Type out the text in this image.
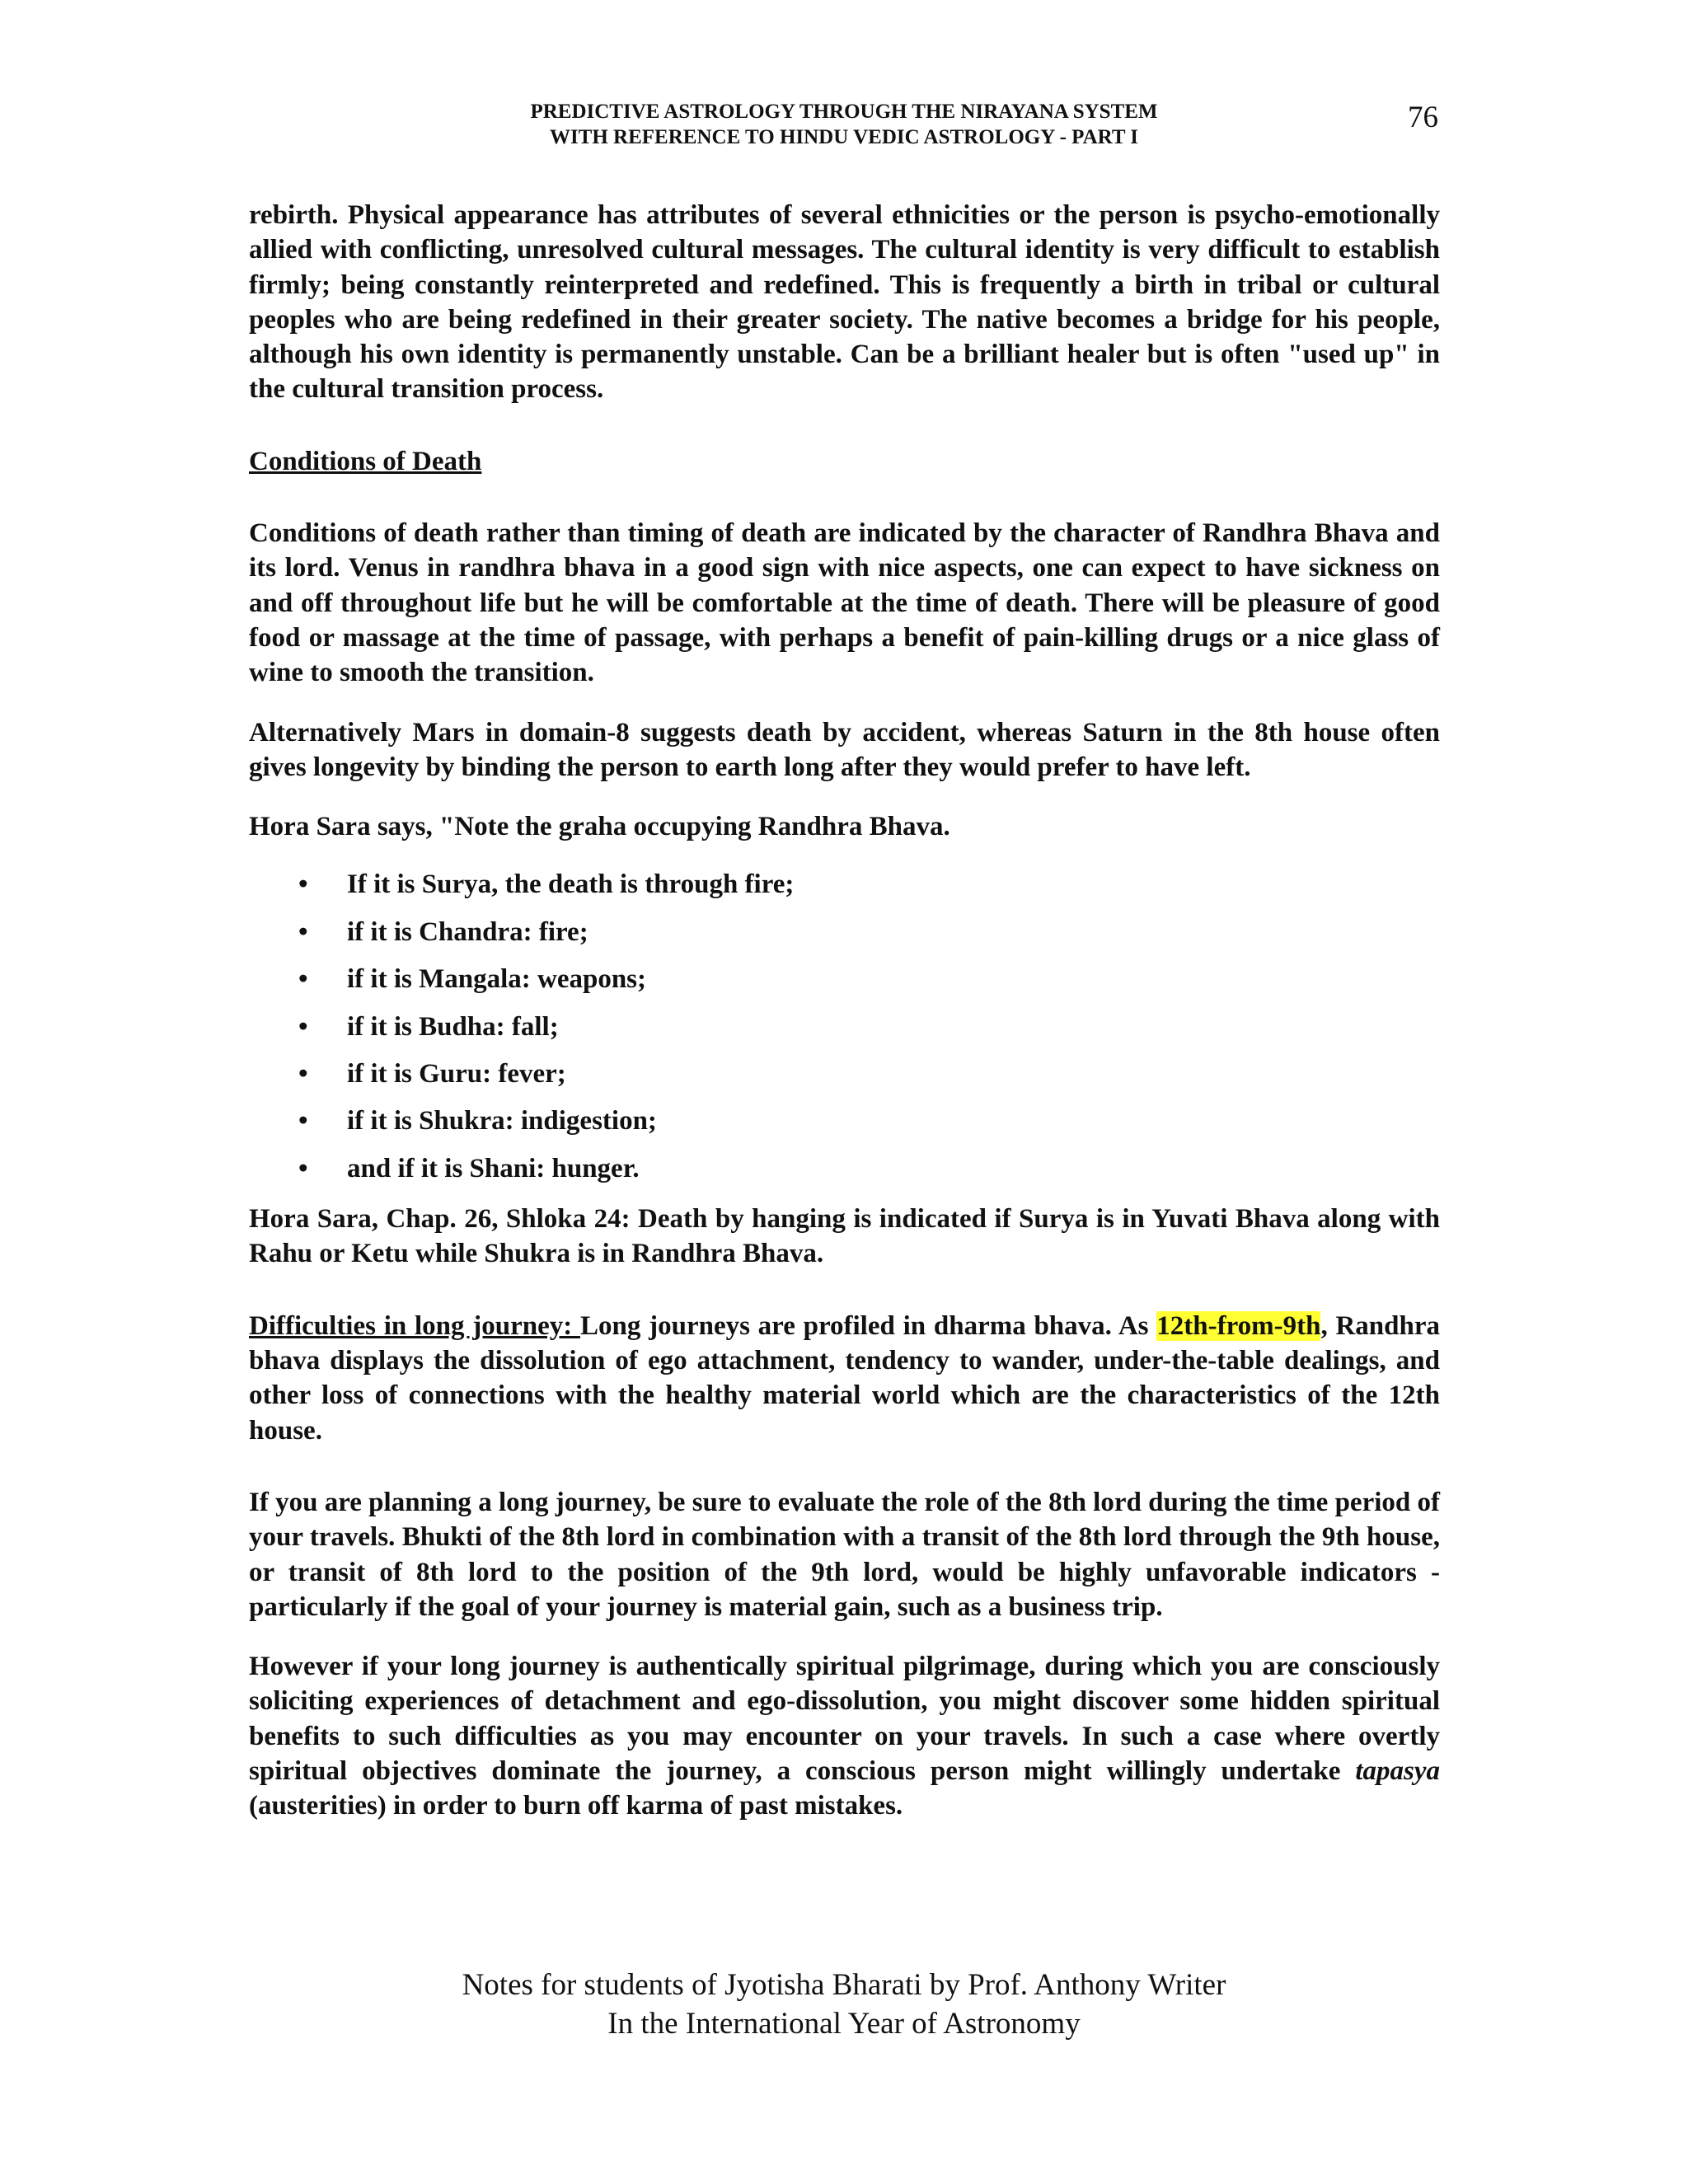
PREDICTIVE ASTROLOGY THROUGH THE NIRAYANA SYSTEM
WITH REFERENCE TO HINDU VEDIC ASTROLOGY - PART I
76

rebirth. Physical appearance has attributes of several ethnicities or the person is psycho-emotionally allied with conflicting, unresolved cultural messages. The cultural identity is very difficult to establish firmly; being constantly reinterpreted and redefined. This is frequently a birth in tribal or cultural peoples who are being redefined in their greater society. The native becomes a bridge for his people, although his own identity is permanently unstable. Can be a brilliant healer but is often "used up" in the cultural transition process.

Conditions of Death

Conditions of death rather than timing of death are indicated by the character of Randhra Bhava and its lord. Venus in randhra bhava in a good sign with nice aspects, one can expect to have sickness on and off throughout life but he will be comfortable at the time of death. There will be pleasure of good food or massage at the time of passage, with perhaps a benefit of pain-killing drugs or a nice glass of wine to smooth the transition.

Alternatively Mars in domain-8 suggests death by accident, whereas Saturn in the 8th house often gives longevity by binding the person to earth long after they would prefer to have left.

Hora Sara says, "Note the graha occupying Randhra Bhava.

• If it is Surya, the death is through fire;
• if it is Chandra: fire;
• if it is Mangala: weapons;
• if it is Budha: fall;
• if it is Guru: fever;
• if it is Shukra: indigestion;
• and if it is Shani: hunger.

Hora Sara, Chap. 26, Shloka 24: Death by hanging is indicated if Surya is in Yuvati Bhava along with Rahu or Ketu while Shukra is in Randhra Bhava.

Difficulties in long journey: Long journeys are profiled in dharma bhava. As 12th-from-9th, Randhra bhava displays the dissolution of ego attachment, tendency to wander, under-the-table dealings, and other loss of connections with the healthy material world which are the characteristics of the 12th house.

If you are planning a long journey, be sure to evaluate the role of the 8th lord during the time period of your travels. Bhukti of the 8th lord in combination with a transit of the 8th lord through the 9th house, or transit of 8th lord to the position of the 9th lord, would be highly unfavorable indicators - particularly if the goal of your journey is material gain, such as a business trip.

However if your long journey is authentically spiritual pilgrimage, during which you are consciously soliciting experiences of detachment and ego-dissolution, you might discover some hidden spiritual benefits to such difficulties as you may encounter on your travels. In such a case where overtly spiritual objectives dominate the journey, a conscious person might willingly undertake tapasya (austerities) in order to burn off karma of past mistakes.

Notes for students of Jyotisha Bharati by Prof. Anthony Writer
In the International Year of Astronomy
